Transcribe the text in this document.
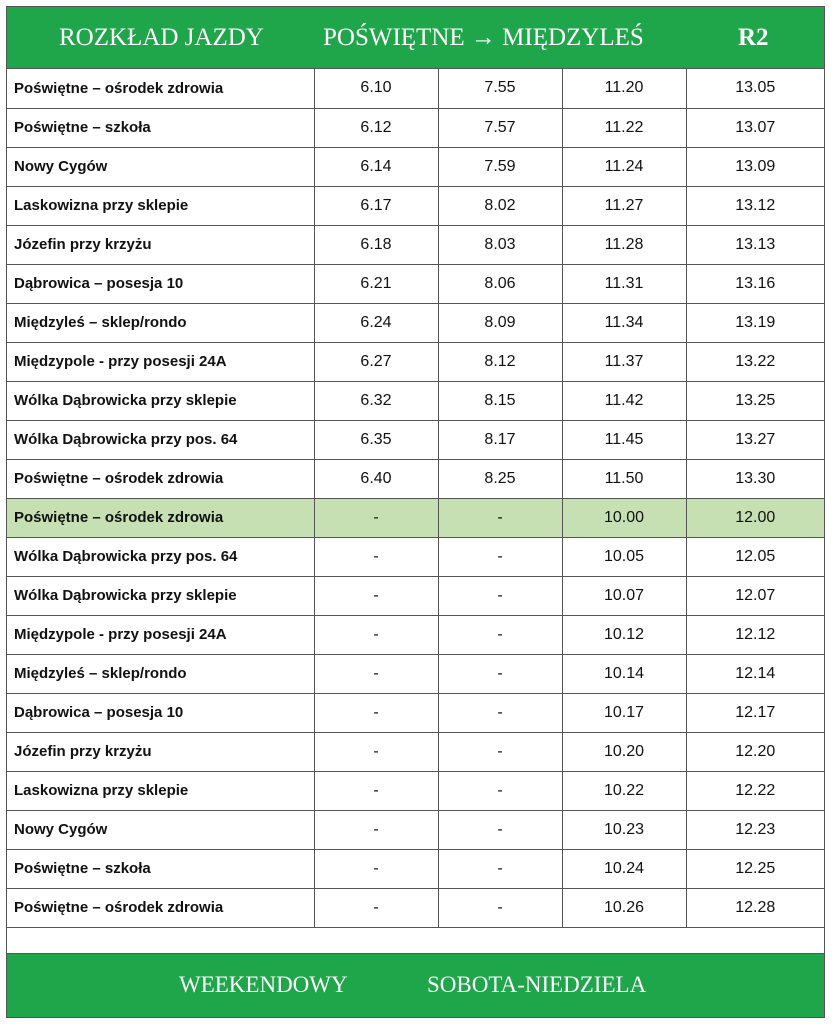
ROZKŁAD JAZDY POŚWIĘTNE → MIĘDZYLEŚ	R2
Poświętne – ośrodek zdrowia	6.10	7.55	11.20	13.05
Poświętne – szkoła	6.12	7.57	11.22	13.07
Nowy Cygów	6.14	7.59	11.24	13.09
Laskowizna przy sklepie	6.17	8.02	11.27	13.12
Józefin przy krzyżu	6.18	8.03	11.28	13.13
Dąbrowica – posesja 10	6.21	8.06	11.31	13.16
Międzyleś – sklep/rondo	6.24	8.09	11.34	13.19
Międzypole - przy posesji 24A	6.27	8.12	11.37	13.22
Wólka Dąbrowicka przy sklepie	6.32	8.15	11.42	13.25
Wólka Dąbrowicka przy pos. 64	6.35	8.17	11.45	13.27
Poświętne – ośrodek zdrowia	6.40	8.25	11.50	13.30
Poświętne – ośrodek zdrowia	-	-	10.00	12.00
Wólka Dąbrowicka przy pos. 64	-	-	10.05	12.05
Wólka Dąbrowicka przy sklepie	-	-	10.07	12.07
Międzypole - przy posesji 24A	-	-	10.12	12.12
Międzyleś – sklep/rondo	-	-	10.14	12.14
Dąbrowica – posesja 10	-	-	10.17	12.17
Józefin przy krzyżu	-	-	10.20	12.20
Laskowizna przy sklepie	-	-	10.22	12.22
Nowy Cygów	-	-	10.23	12.23
Poświętne – szkoła	-	-	10.24	12.25
Poświętne – ośrodek zdrowia	-	-	10.26	12.28
WEEKENDOWY	SOBOTA-NIEDZIELA
